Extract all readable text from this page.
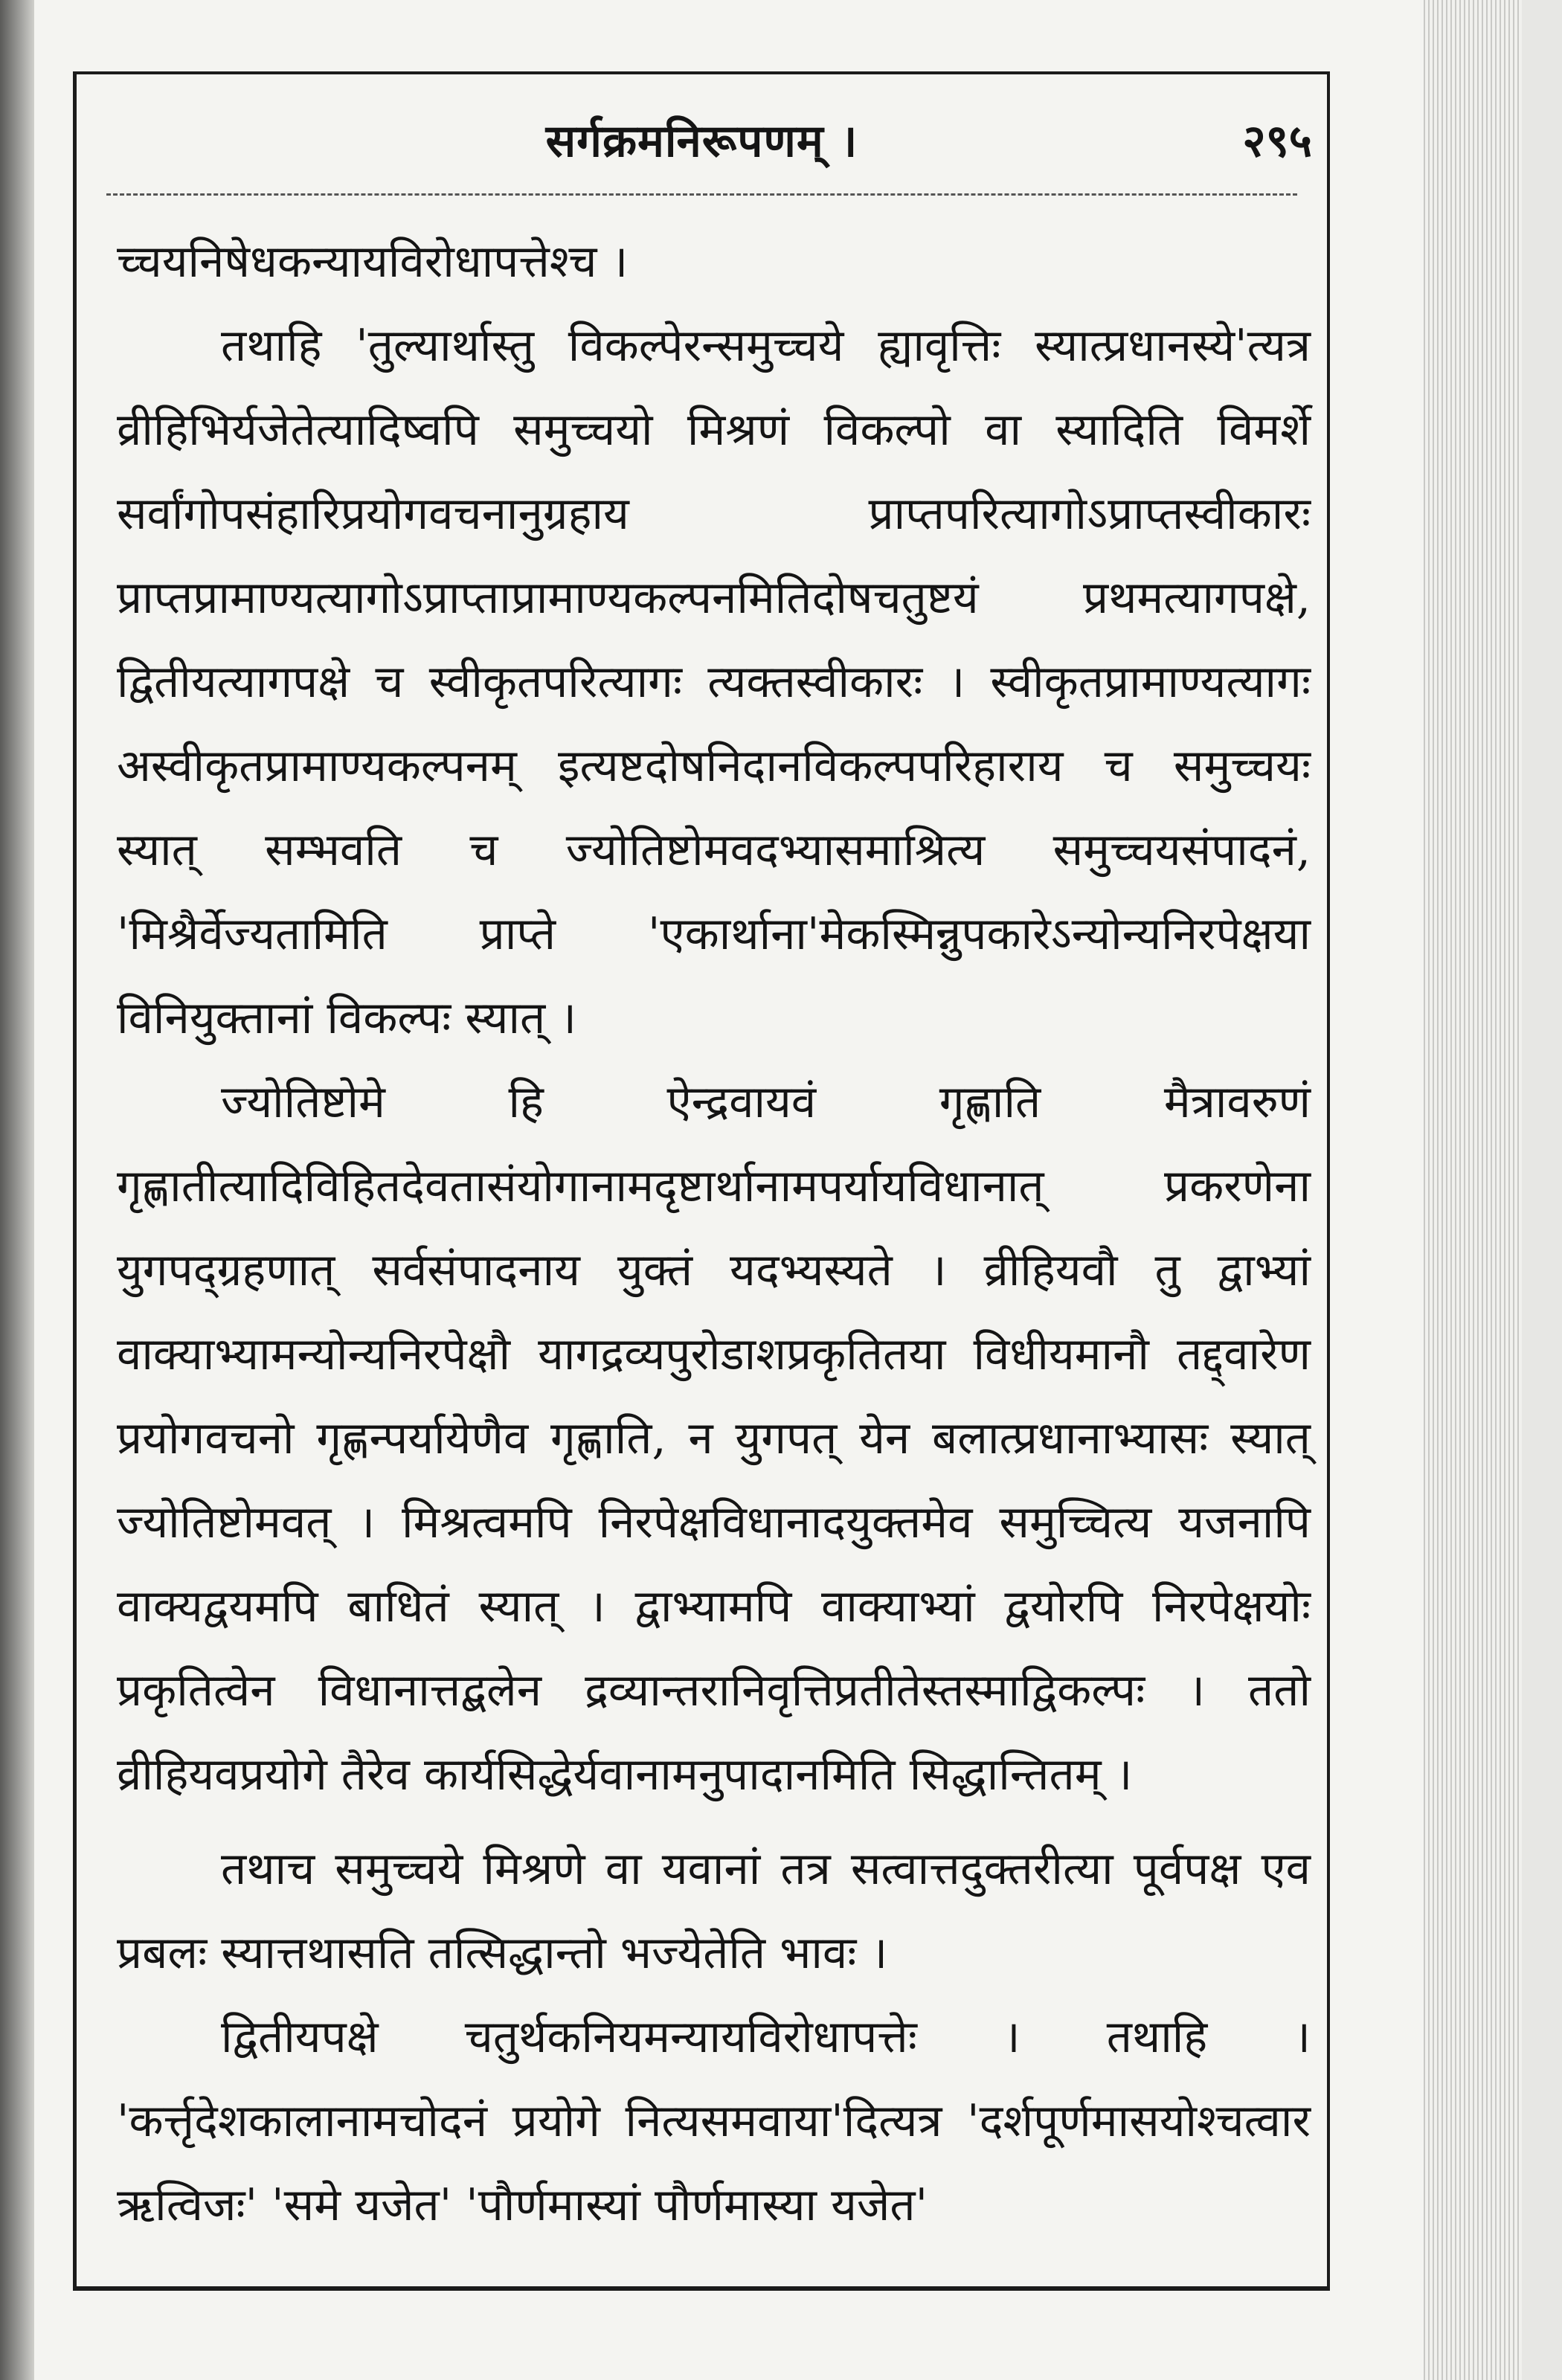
सर्गक्रमनिरूपणम् ।	२९५

च्चयनिषेधकन्यायविरोधापत्तेश्च ।

तथाहि 'तुल्यार्थास्तु विकल्पेरन्समुच्चये ह्यावृत्तिः स्यात्प्रधानस्ये'त्यत्र व्रीहिभिर्यजेतेत्यादिष्वपि समुच्चयो मिश्रणं विकल्पो वा स्यादिति विमर्शे सर्वांगोपसंहारिप्रयोगवचनानुग्रहाय प्राप्तपरित्यागोऽप्राप्तस्वीकारः प्राप्तप्रामाण्यत्यागोऽप्राप्ताप्रामाण्यकल्पनमितिदोषचतुष्टयं प्रथमत्यागपक्षे, द्वितीयत्यागपक्षे च स्वीकृतपरित्यागः त्यक्तस्वीकारः । स्वीकृतप्रामाण्यत्यागः अस्वीकृतप्रामाण्यकल्पनम् इत्यष्टदोषनिदानविकल्पपरिहाराय च समुच्चयः स्यात् सम्भवति च ज्योतिष्टोमवदभ्यासमाश्रित्य समुच्चयसंपादनं, 'मिश्रैर्वेज्यतामिति प्राप्ते 'एकार्थाना'मेकस्मिन्नुपकारेऽन्योन्यनिरपेक्षया विनियुक्तानां विकल्पः स्यात् ।

ज्योतिष्टोमे हि ऐन्द्रवायवं गृह्णाति मैत्रावरुणं गृह्णातीत्यादिविहितदेवतासंयोगानामदृष्टार्थानामपर्यायविधानात् प्रकरणेना युगपद्ग्रहणात् सर्वसंपादनाय युक्तं यदभ्यस्यते । व्रीहियवौ तु द्वाभ्यां वाक्याभ्यामन्योन्यनिरपेक्षौ यागद्रव्यपुरोडाशप्रकृतितया विधीयमानौ तद्द्वारेण प्रयोगवचनो गृह्णन्पर्यायेणैव गृह्णाति, न युगपत् येन बलात्प्रधानाभ्यासः स्यात् ज्योतिष्टोमवत् । मिश्रत्वमपि निरपेक्षविधानादयुक्तमेव समुच्चित्य यजनापि वाक्यद्वयमपि बाधितं स्यात् । द्वाभ्यामपि वाक्याभ्यां द्वयोरपि निरपेक्षयोः प्रकृतित्वेन विधानात्तद्बलेन द्रव्यान्तरानिवृत्तिप्रतीतेस्तस्माद्विकल्पः । ततो व्रीहियवप्रयोगे तैरेव कार्यसिद्धेर्यवानामनुपादानमिति सिद्धान्तितम् ।

तथाच समुच्चये मिश्रणे वा यवानां तत्र सत्वात्तदुक्तरीत्या पूर्वपक्ष एव प्रबलः स्यात्तथासति तत्सिद्धान्तो भज्येतेति भावः ।

द्वितीयपक्षे चतुर्थकनियमन्यायविरोधापत्तेः । तथाहि । 'कर्त्तृदेशकालानामचोदनं प्रयोगे नित्यसमवाया'दित्यत्र 'दर्शपूर्णमासयोश्चत्वार ऋत्विजः' 'समे यजेत' 'पौर्णमास्यां पौर्णमास्या यजेत'
